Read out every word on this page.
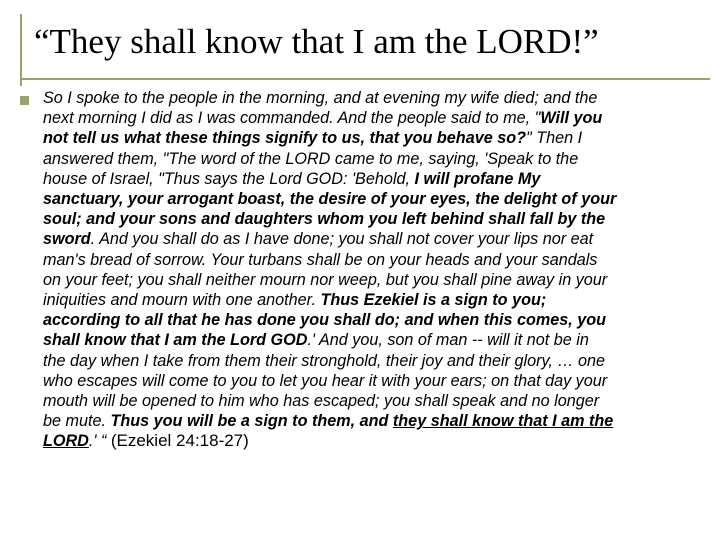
“They shall know that I am the LORD!”

So I spoke to the people in the morning, and at evening my wife died; and the
next morning I did as I was commanded. And the people said to me, "Will you
not tell us what these things signify to us, that you behave so?" Then I
answered them, "The word of the LORD came to me, saying, 'Speak to the
house of Israel, "Thus says the Lord GOD: 'Behold, I will profane My
sanctuary, your arrogant boast, the desire of your eyes, the delight of your
soul; and your sons and daughters whom you left behind shall fall by the
sword. And you shall do as I have done; you shall not cover your lips nor eat
man's bread of sorrow. Your turbans shall be on your heads and your sandals
on your feet; you shall neither mourn nor weep, but you shall pine away in your
iniquities and mourn with one another. Thus Ezekiel is a sign to you;
according to all that he has done you shall do; and when this comes, you
shall know that I am the Lord GOD.' And you, son of man -- will it not be in
the day when I take from them their stronghold, their joy and their glory, … one
who escapes will come to you to let you hear it with your ears; on that day your
mouth will be opened to him who has escaped; you shall speak and no longer
be mute. Thus you will be a sign to them, and they shall know that I am the
LORD.' “ (Ezekiel 24:18-27)
